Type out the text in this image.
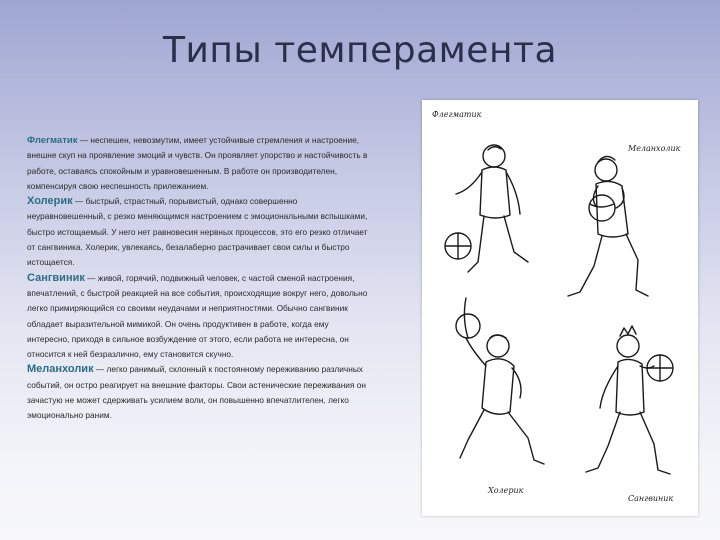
Типы темперамента

Флегматик — неспешен, невозмутим, имеет устойчивые стремления и настроение, внешне скуп на проявление эмоций и чувств. Он проявляет упорство и настойчивость в работе, оставаясь спокойным и уравновешенным. В работе он производителен, компенсируя свою неспешность прилежанием.

Холерик — быстрый, страстный, порывистый, однако совершенно неуравновешенный, с резко меняющимся настроением с эмоциональными вспышками, быстро истощаемый. У него нет равновесия нервных процессов, это его резко отличает от сангвиника. Холерик, увлекаясь, безалаберно растрачивает свои силы и быстро истощается.

Сангвиник — живой, горячий, подвижный человек, с частой сменой настроения, впечатлений, с быстрой реакцией на все события, происходящие вокруг него, довольно легко примиряющийся со своими неудачами и неприятностями. Обычно сангвиник обладает выразительной мимикой. Он очень продуктивен в работе, когда ему интересно, приходя в сильное возбуждение от этого, если работа не интересна, он относится к ней безразлично, ему становится скучно.

Меланхолик — легко ранимый, склонный к постоянному переживанию различных событий, он остро реагирует на внешние факторы. Свои астенические переживания он зачастую не может сдерживать усилием воли, он повышенно впечатлителен, легко эмоционально раним.

Флегматик
Меланхолик
Холерик
Сангвиник
